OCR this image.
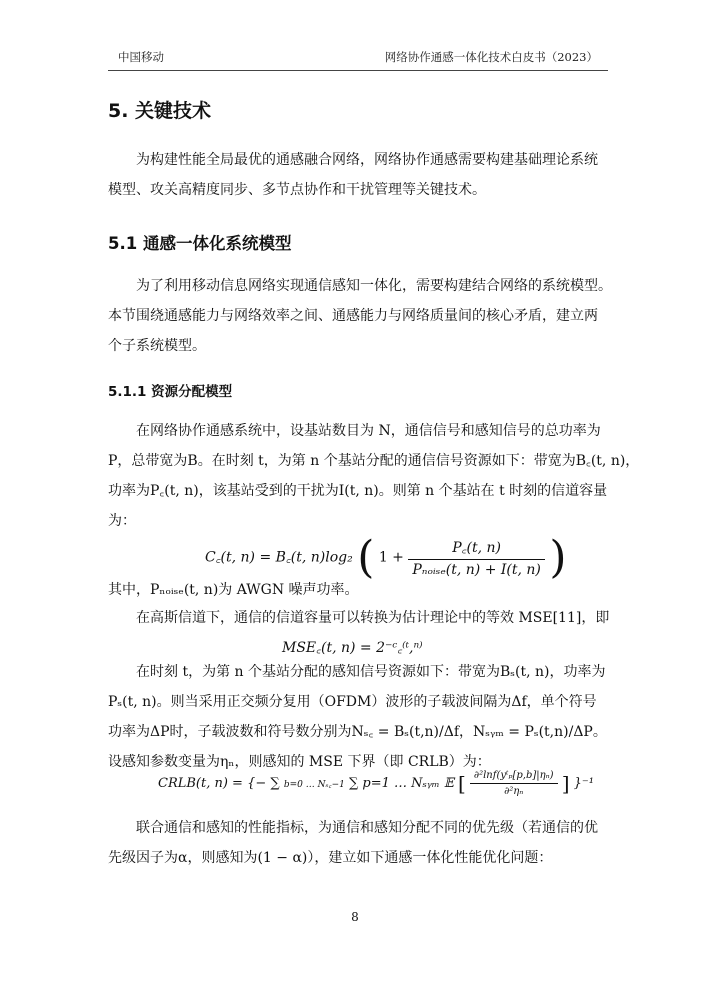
中国移动	网络协作通感一体化技术白皮书（2023）
5. 关键技术
为构建性能全局最优的通感融合网络，网络协作通感需要构建基础理论系统
模型、攻关高精度同步、多节点协作和干扰管理等关键技术。
5.1 通感一体化系统模型
为了利用移动信息网络实现通信感知一体化，需要构建结合网络的系统模型。
本节围绕通感能力与网络效率之间、通感能力与网络质量间的核心矛盾，建立两
个子系统模型。
5.1.1 资源分配模型
在网络协作通感系统中，设基站数目为 N，通信信号和感知信号的总功率为
P，总带宽为B。在时刻 t，为第 n 个基站分配的通信信号资源如下：带宽为B꜀(t, n)，
功率为P꜀(t, n)，该基站受到的干扰为I(t, n)。则第 n 个基站在 t 时刻的信道容量
为：
C꜀(t, n) = B꜀(t, n)log₂ ( $1 + \frac{P꜀(t, n)}{\text{Pₙₒᵢₛₑ(t, n) + I(t, n)}}$ )
其中，Pₙₒᵢₛₑ(t, n)为 AWGN 噪声功率。
在高斯信道下，通信的信道容量可以转换为估计理论中的等效 MSE[11]，即
MSE꜀(t, n) = 2⁻ᶜ꜀⁽ᵗ,ⁿ⁾
在时刻 t，为第 n 个基站分配的感知信号资源如下：带宽为Bₛ(t, n)，功率为
Pₛ(t, n)。则当采用正交频分复用（OFDM）波形的子载波间隔为Δf，单个符号
功率为ΔP时，子载波数和符号数分别为Nₛ꜀ = Bₛ(t,n)/Δf，Nₛᵧₘ = Pₛ(t,n)/ΔP。
设感知参数变量为ηₙ，则感知的 MSE 下界（即 CRLB）为：
CRLB(t, n) = {− ∑ b=0 … Nₛ꜀−1 ∑ p=1 … Nₛᵧₘ 𝔼 [ $\frac{\text{∂²lnf(yᵗₚ[p,b]|ηₙ)}}{\text{∂²ηₙ}}$ ] }⁻¹
联合通信和感知的性能指标，为通信和感知分配不同的优先级（若通信的优
先级因子为α，则感知为(1 − α)），建立如下通感一体化性能优化问题：
8
